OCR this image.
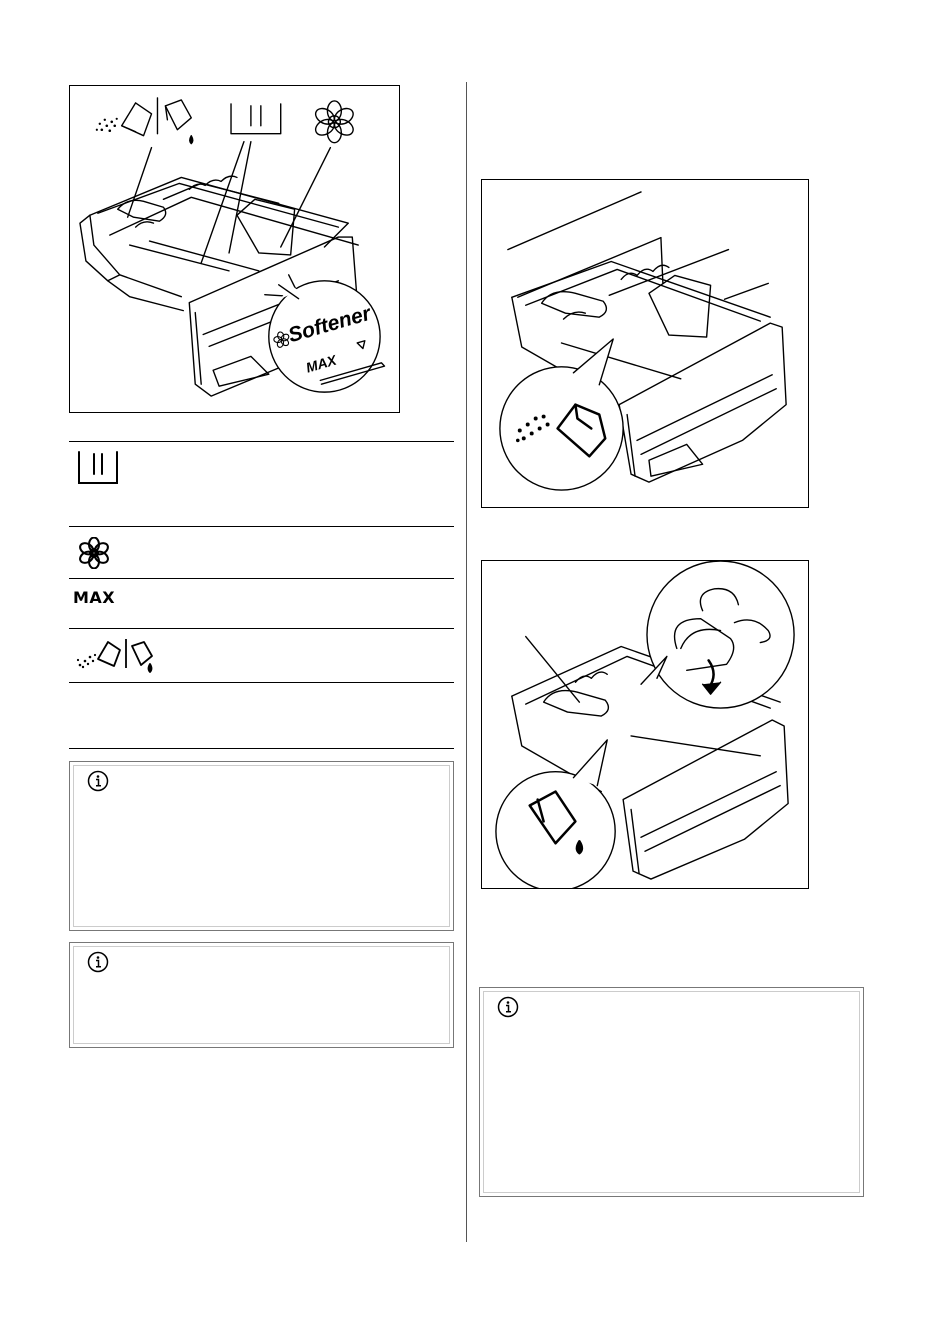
Softener
MAX
MAX
